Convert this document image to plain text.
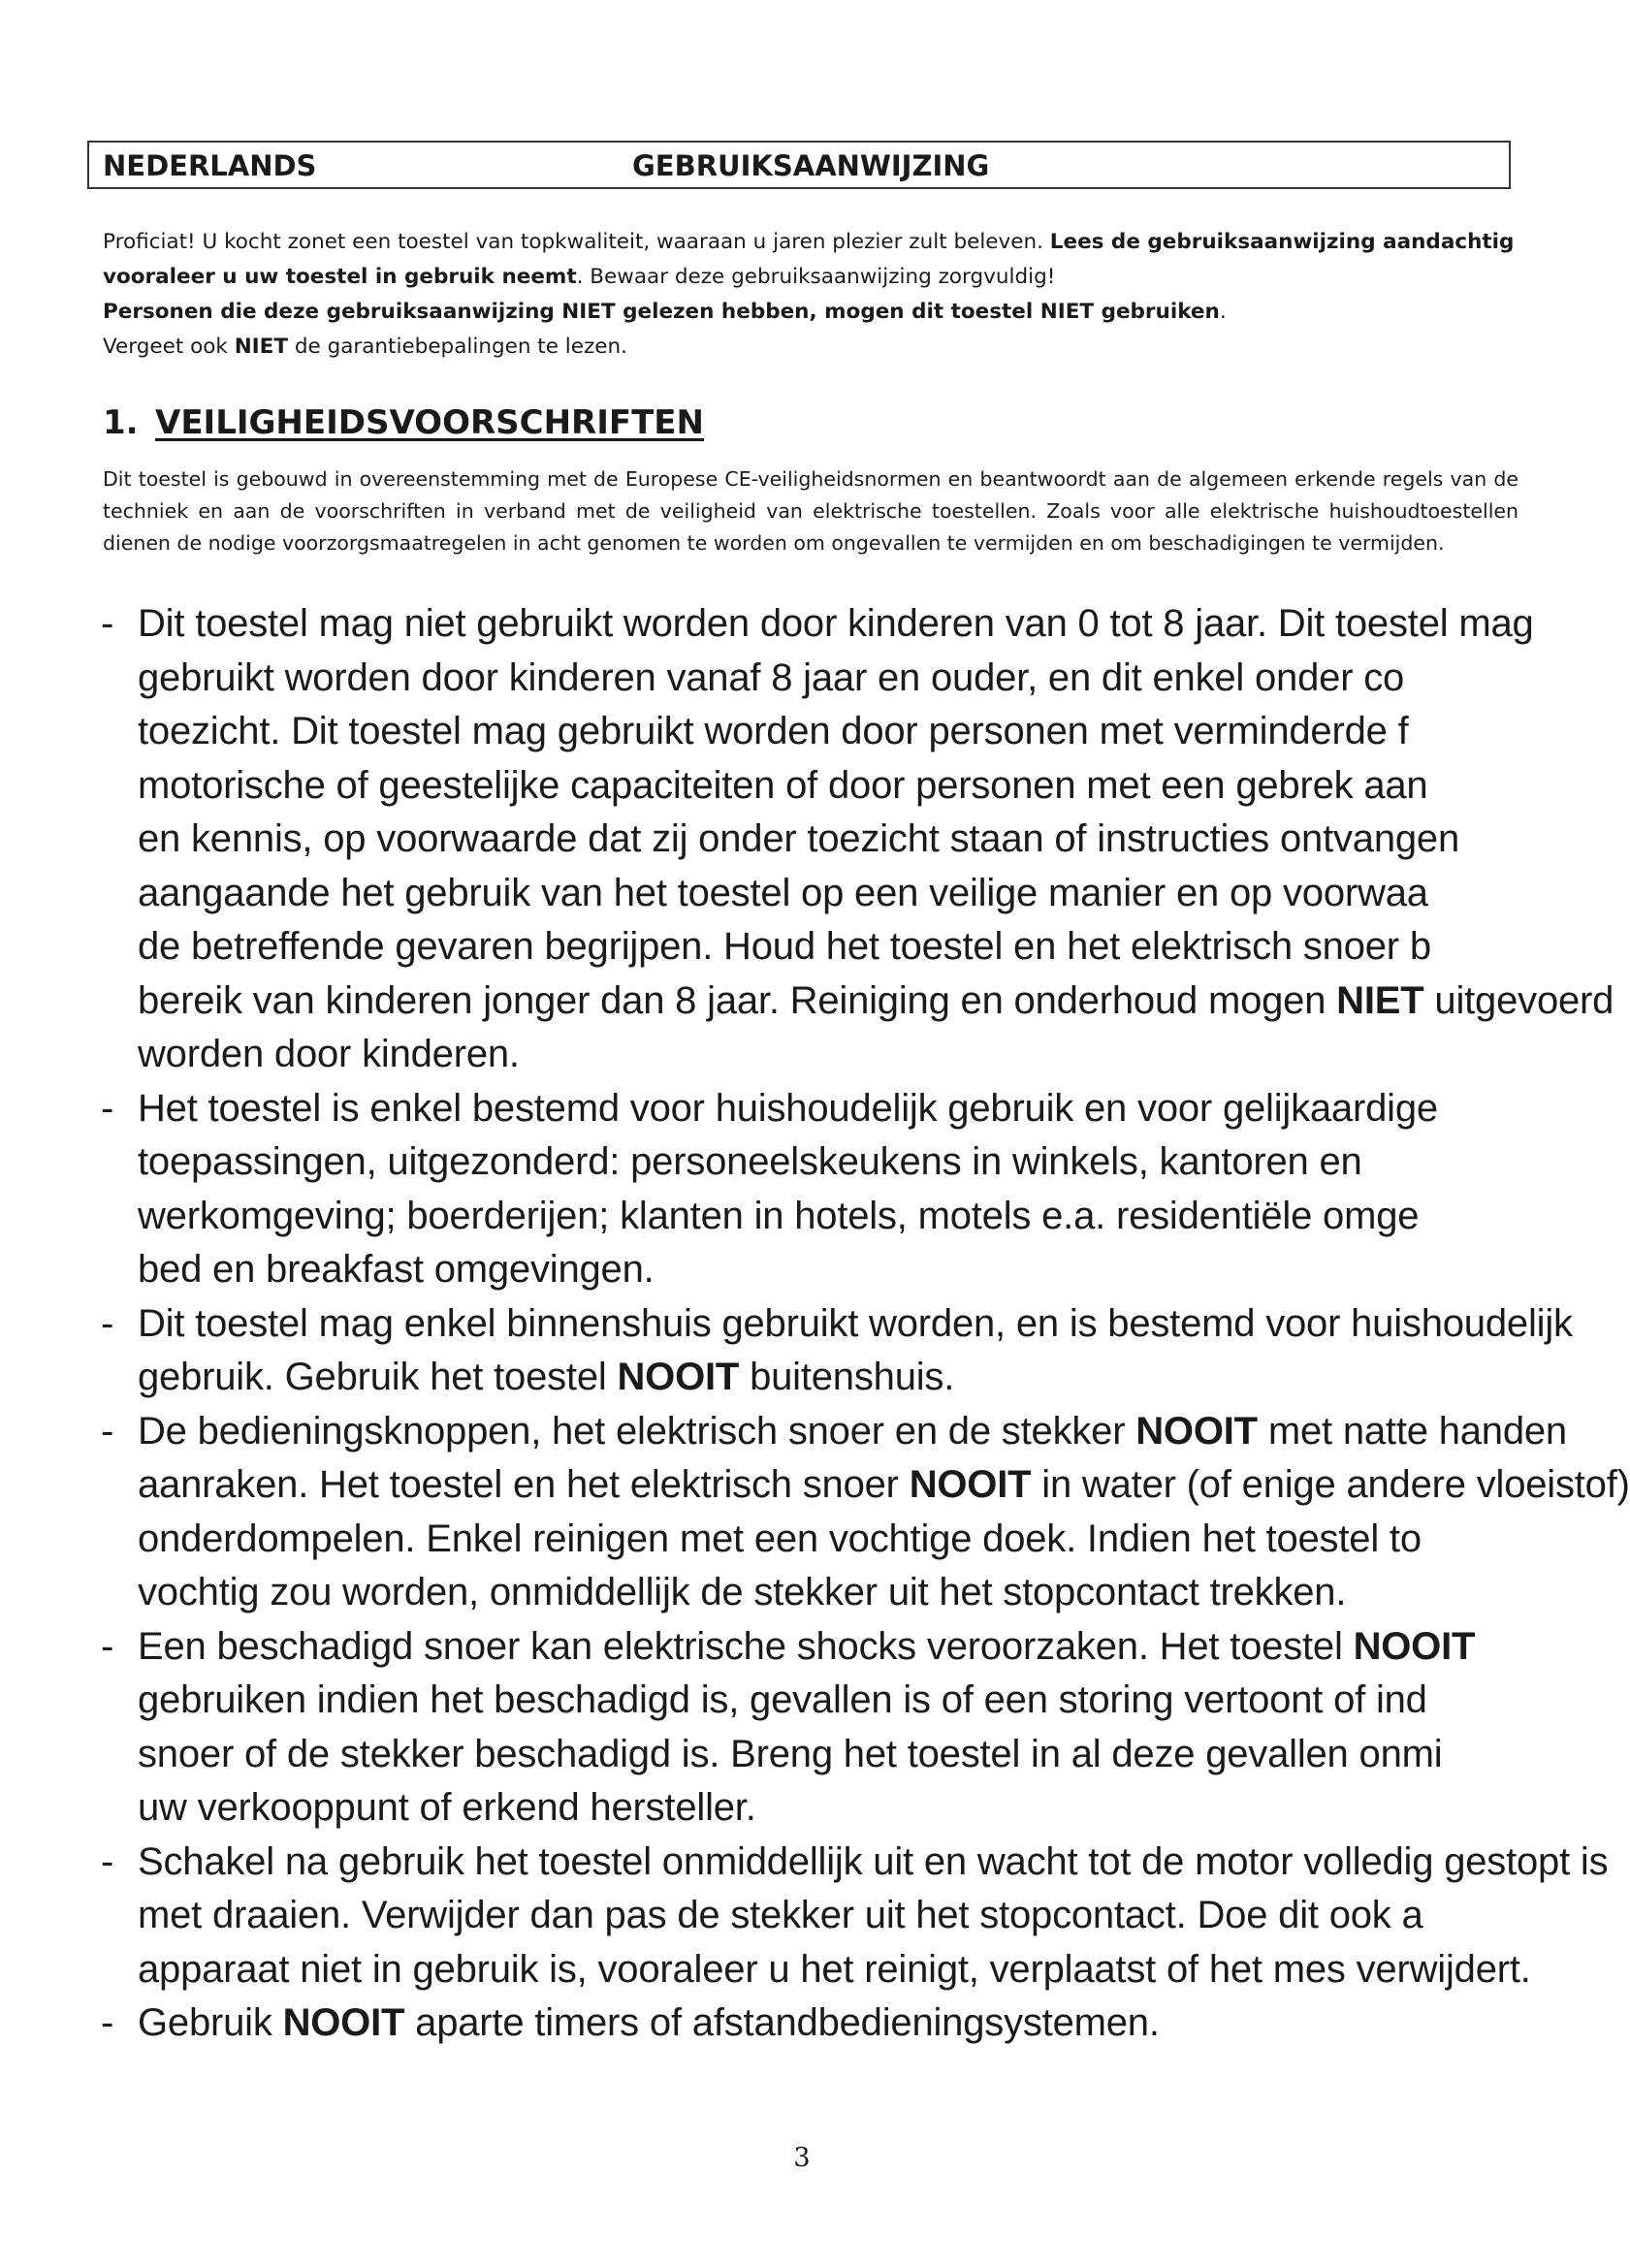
NEDERLANDS	GEBRUIKSAANWIJZING

Proficiat! U kocht zonet een toestel van topkwaliteit, waaraan u jaren plezier zult beleven. Lees de gebruiksaanwijzing aandachtig vooraleer u uw toestel in gebruik neemt. Bewaar deze gebruiksaanwijzing zorgvuldig!

Personen die deze gebruiksaanwijzing NIET gelezen hebben, mogen dit toestel NIET gebruiken.

Vergeet ook NIET de garantiebepalingen te lezen.

1. VEILIGHEIDSVOORSCHRIFTEN

Dit toestel is gebouwd in overeenstemming met de Europese CE-veiligheidsnormen en beantwoordt aan de algemeen erkende regels van de techniek en aan de voorschriften in verband met de veiligheid van elektrische toestellen. Zoals voor alle elektrische huishoudtoestellen dienen de nodige voorzorgsmaatregelen in acht genomen te worden om ongevallen te vermijden en om beschadigingen te vermijden.

- Dit toestel mag niet gebruikt worden door kinderen van 0 tot 8 jaar. Dit toestel mag
gebruikt worden door kinderen vanaf 8 jaar en ouder, en dit enkel onder co
toezicht. Dit toestel mag gebruikt worden door personen met verminderde f
motorische of geestelijke capaciteiten of door personen met een gebrek aan
en kennis, op voorwaarde dat zij onder toezicht staan of instructies ontvangen
aangaande het gebruik van het toestel op een veilige manier en op voorwaa
de betreffende gevaren begrijpen. Houd het toestel en het elektrisch snoer b
bereik van kinderen jonger dan 8 jaar. Reiniging en onderhoud mogen NIET uitgevoerd
worden door kinderen.
- Het toestel is enkel bestemd voor huishoudelijk gebruik en voor gelijkaardige
toepassingen, uitgezonderd: personeelskeukens in winkels, kantoren en
werkomgeving; boerderijen; klanten in hotels, motels e.a. residentiële omge
bed en breakfast omgevingen.
- Dit toestel mag enkel binnenshuis gebruikt worden, en is bestemd voor huishoudelijk
gebruik. Gebruik het toestel NOOIT buitenshuis.
- De bedieningsknoppen, het elektrisch snoer en de stekker NOOIT met natte handen
aanraken. Het toestel en het elektrisch snoer NOOIT in water (of enige andere vloeistof)
onderdompelen. Enkel reinigen met een vochtige doek. Indien het toestel to
vochtig zou worden, onmiddellijk de stekker uit het stopcontact trekken.
- Een beschadigd snoer kan elektrische shocks veroorzaken. Het toestel NOOIT
gebruiken indien het beschadigd is, gevallen is of een storing vertoont of ind
snoer of de stekker beschadigd is. Breng het toestel in al deze gevallen onmi
uw verkooppunt of erkend hersteller.
- Schakel na gebruik het toestel onmiddellijk uit en wacht tot de motor volledig gestopt is
met draaien. Verwijder dan pas de stekker uit het stopcontact. Doe dit ook a
apparaat niet in gebruik is, vooraleer u het reinigt, verplaatst of het mes verwijdert.
- Gebruik NOOIT aparte timers of afstandbedieningsystemen.
3
